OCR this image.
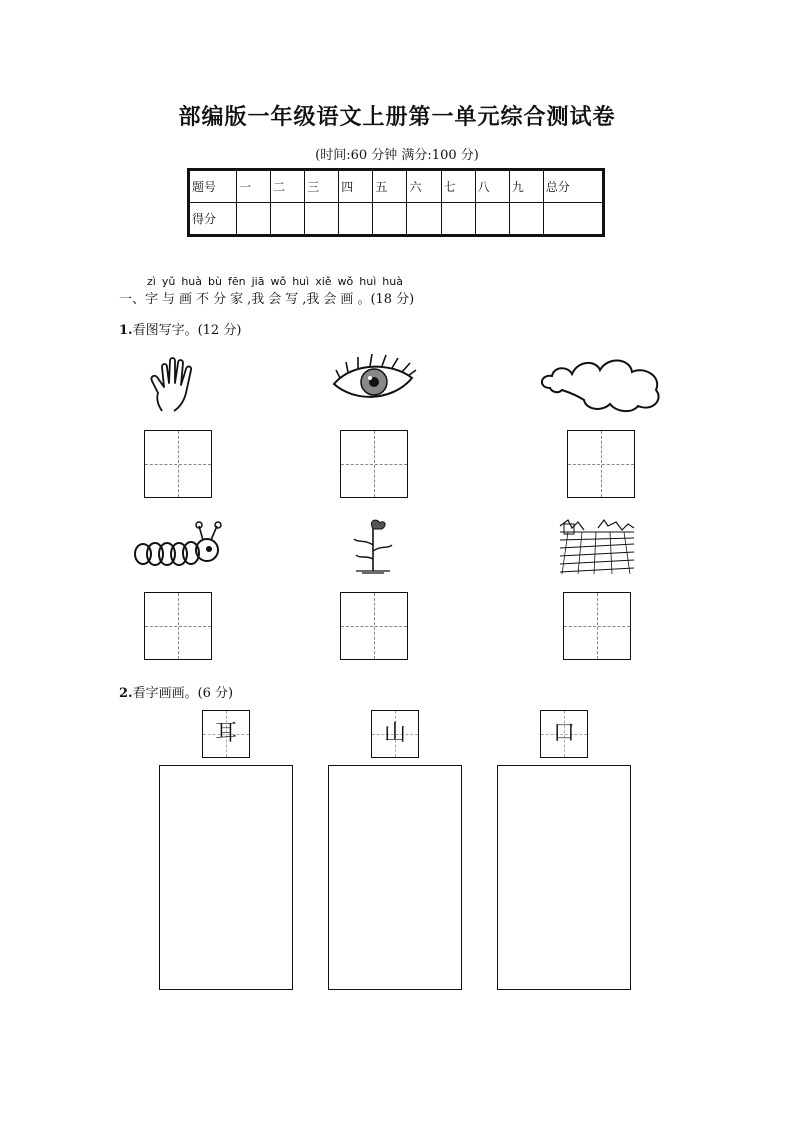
部编版一年级语文上册第一单元综合测试卷
(时间:60 分钟 满分:100 分)
题号	一	二	三	四	五	六	七	八	九	总分
得分										
zì yǔ huà bù fēn jiā wǒ huì xiě wǒ huì huà
一、字 与 画 不 分 家 ,我 会 写 ,我 会 画 。(18 分)
1.看图写字。(12 分)
2.看字画画。(6 分)
耳	山	口
